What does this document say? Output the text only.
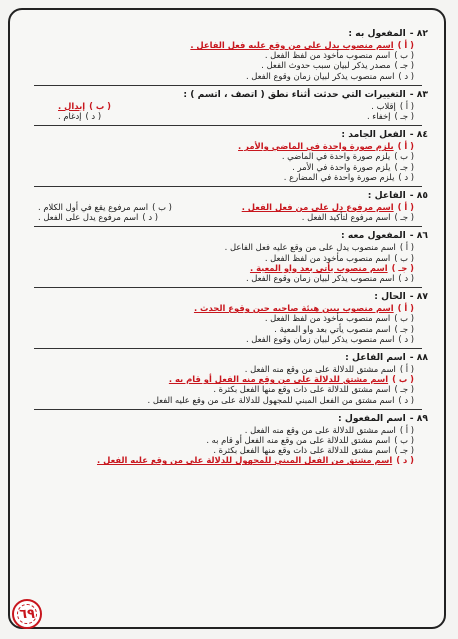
٨٢ -المفعول به :
( أ )اسم منصوب يدل على من وقع عليه فعل الفاعل .
( ب )اسم منصوب مأخوذ من لفظ الفعل .
( جـ )مصدر يذكر لبيان سبب حدوث الفعل .
( د )اسم منصوب يذكر لبيان زمان وقوع الفعل .
٨٣ -التغييرات التي حدثت أثناء نطق ( اتصف ، اتسم ) :
( أ )إقلاب .
( ب )إبدال .
( جـ )إخفاء .
( د )إدغام .
٨٤ -الفعل الجامد :
( أ )يلزم صورة واحدة في الماضي والأمر .
( ب )يلزم صورة واحدة في الماضي .
( جـ )يلزم صورة واحدة في الأمر .
( د )يلزم صورة واحدة في المضارع .
٨٥ -الفاعل :
( أ )اسم مرفوع دل على من فعل الفعل .
( ب )اسم مرفوع يقع في أول الكلام .
( جـ )اسم مرفوع لتأكيد الفعل .
( د )اسم مرفوع يدل على الفعل .
٨٦ -المفعول معه :
( أ )اسم منصوب يدل على من وقع عليه فعل الفاعل .
( ب )اسم منصوب مأخوذ من لفظ الفعل .
( جـ )اسم منصوب يأتي بعد واو المعية .
( د )اسم منصوب يذكر لبيان زمان وقوع الفعل .
٨٧ -الحال :
( أ )اسم منصوب يبين هيئة صاحبه حين وقوع الحدث .
( ب )اسم منصوب مأخوذ من لفظ الفعل .
( جـ )اسم منصوب يأتي بعد واو المعية .
( د )اسم منصوب يذكر لبيان زمان وقوع الفعل .
٨٨ -اسم الفاعل :
( أ )اسم مشتق للدلالة على من وقع منه الفعل .
( ب )اسم مشتق للدلالة على من وقع منه الفعل أو قام به .
( جـ )اسم مشتق للدلالة على ذات وقع منها الفعل بكثرة .
( د )اسم مشتق من الفعل المبني للمجهول للدلالة على من وقع عليه الفعل .
٨٩ -اسم المفعول :
( أ )اسم مشتق للدلالة على من وقع منه الفعل .
( ب )اسم مشتق للدلالة على من وقع منه الفعل أو قام به .
( جـ )اسم مشتق للدلالة على ذات وقع منها الفعل بكثرة .
( د )اسم مشتق من الفعل المبني للمجهول للدلالة على من وقع عليه الفعل .
٦٩
